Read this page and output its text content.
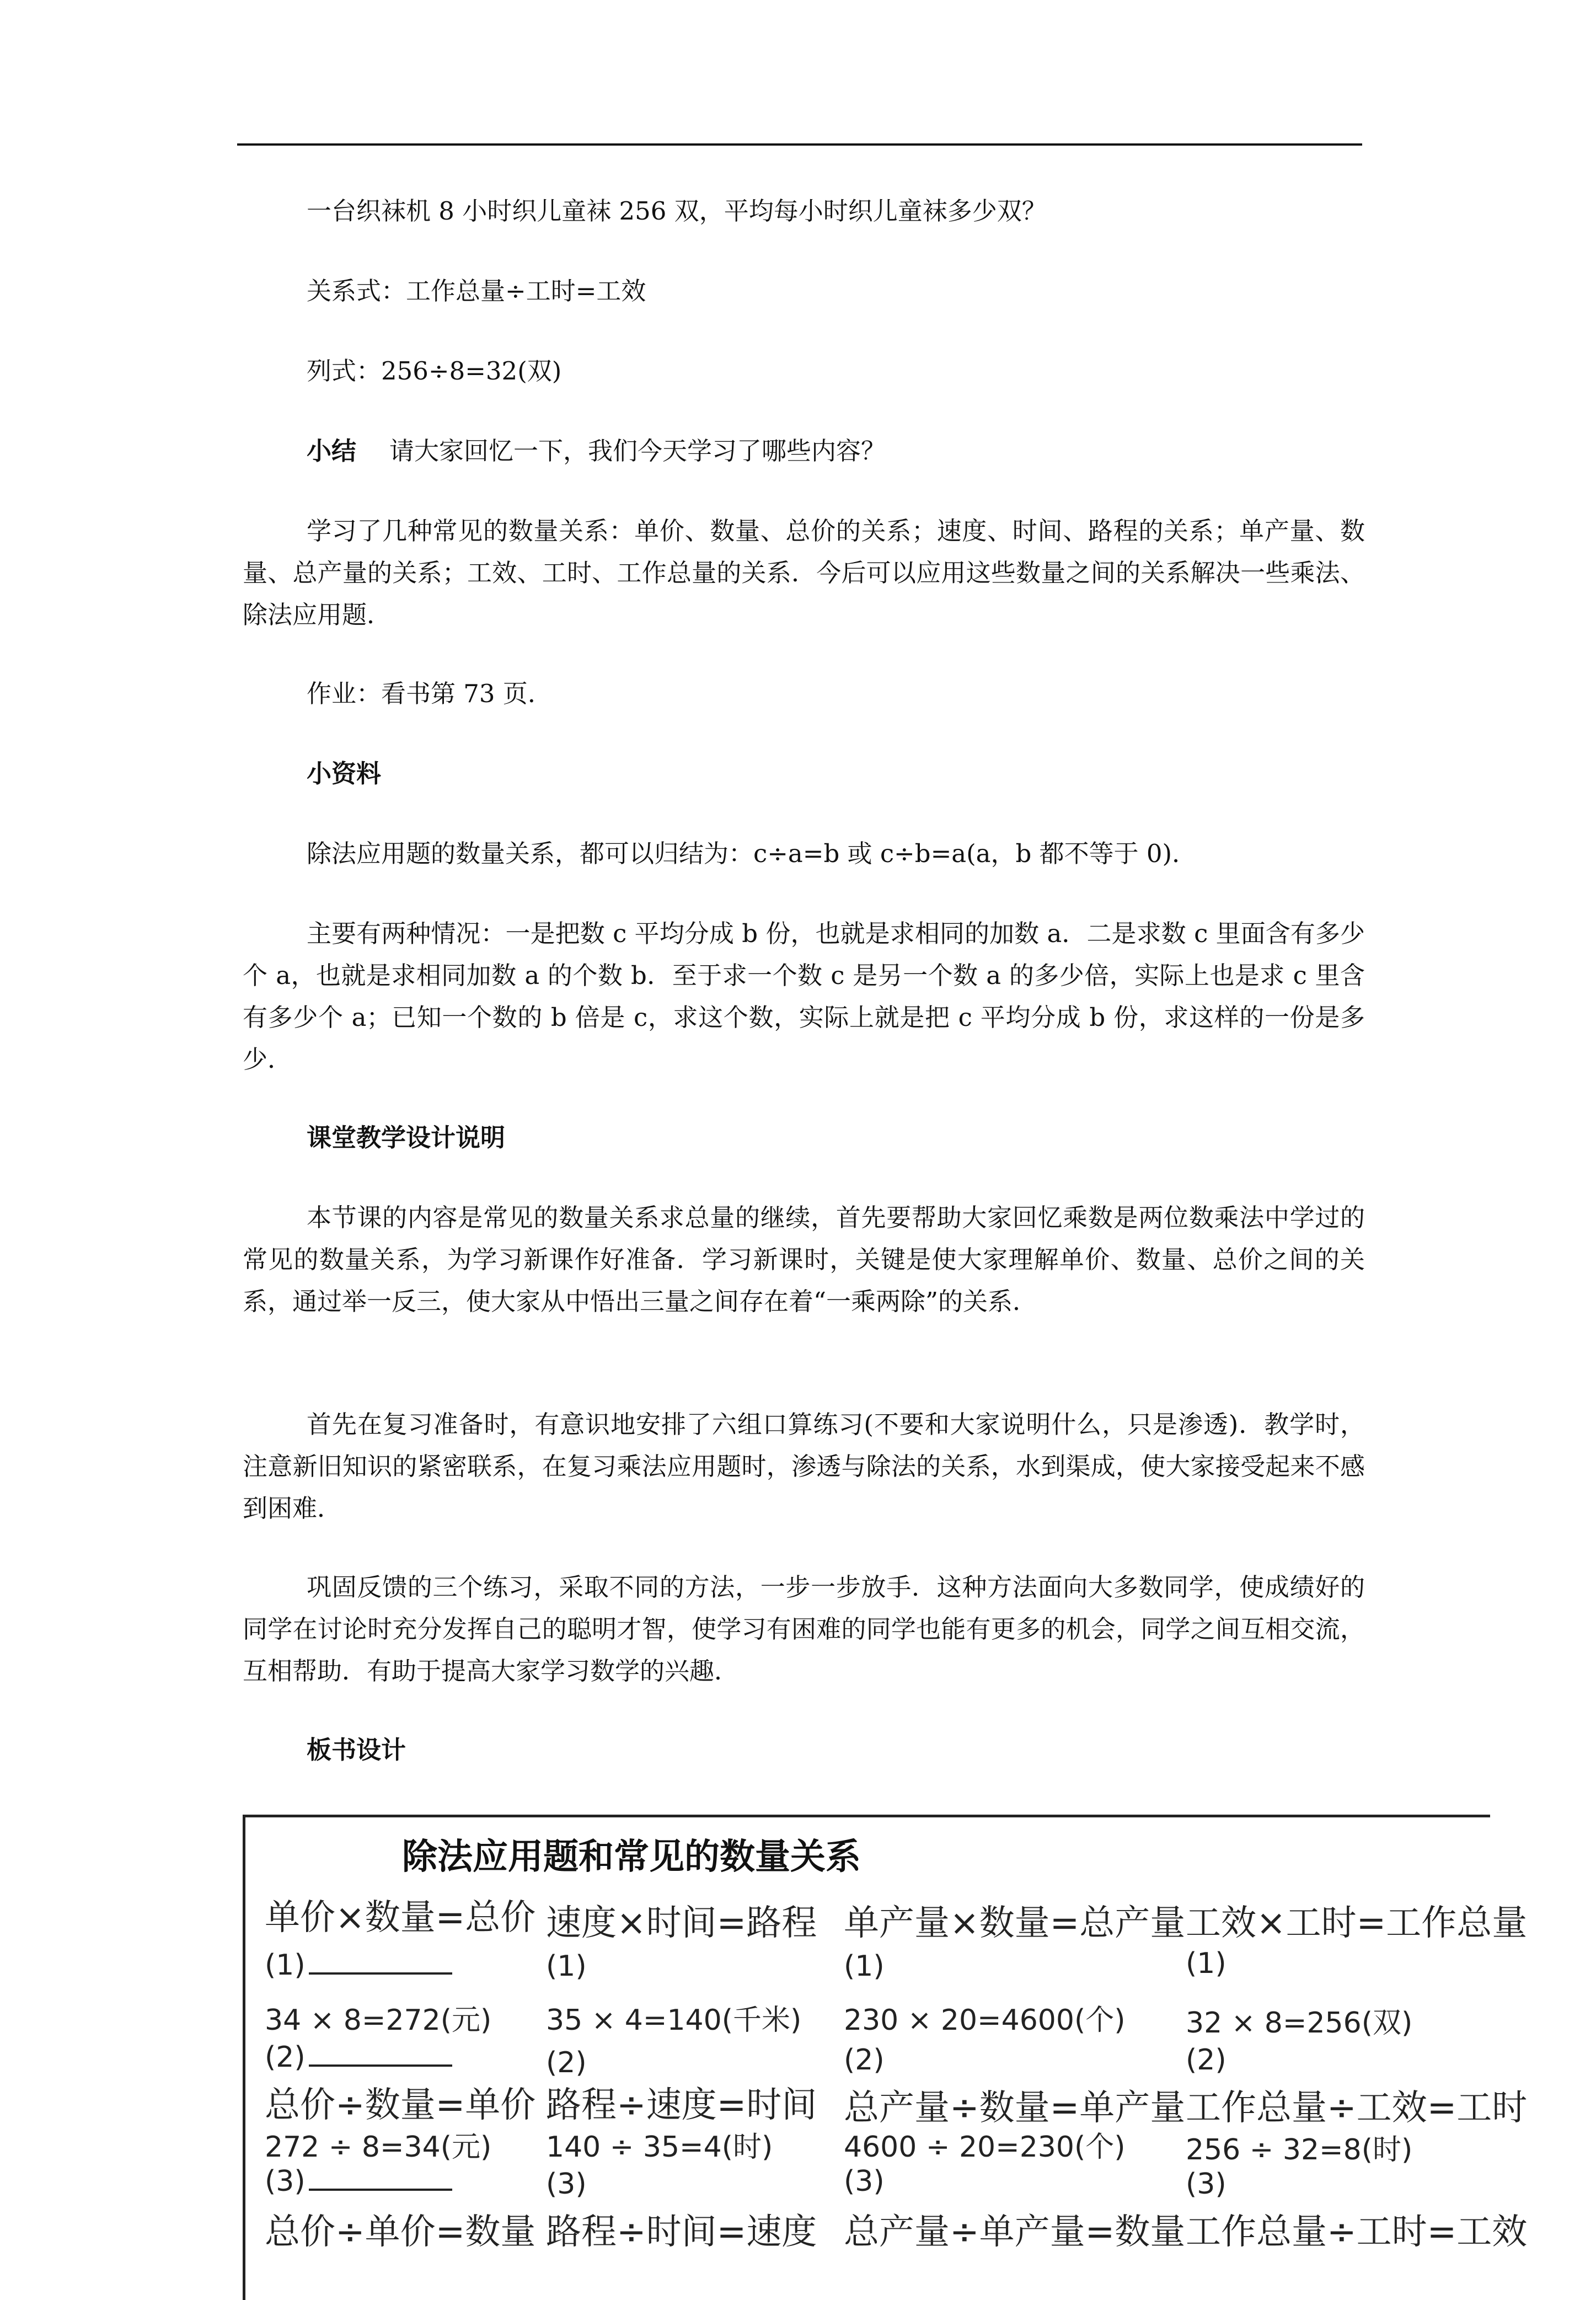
一台织袜机 8 小时织儿童袜 256 双，平均每小时织儿童袜多少双？

关系式：工作总量÷工时=工效

列式：256÷8=32(双)

小结 请大家回忆一下，我们今天学习了哪些内容？

学习了几种常见的数量关系：单价、数量、总价的关系；速度、时间、路程的关系；单产量、数量、总产量的关系；工效、工时、工作总量的关系．今后可以应用这些数量之间的关系解决一些乘法、除法应用题．

作业：看书第 73 页．

小资料

除法应用题的数量关系，都可以归结为：c÷a=b 或 c÷b=a(a，b 都不等于 0)．

主要有两种情况：一是把数 c 平均分成 b 份，也就是求相同的加数 a．二是求数 c 里面含有多少个 a，也就是求相同加数 a 的个数 b．至于求一个数 c 是另一个数 a 的多少倍，实际上也是求 c 里含有多少个 a；已知一个数的 b 倍是 c，求这个数，实际上就是把 c 平均分成 b 份，求这样的一份是多少．

课堂教学设计说明

本节课的内容是常见的数量关系求总量的继续，首先要帮助大家回忆乘数是两位数乘法中学过的常见的数量关系，为学习新课作好准备．学习新课时，关键是使大家理解单价、数量、总价之间的关系，通过举一反三，使大家从中悟出三量之间存在着“一乘两除”的关系．

首先在复习准备时，有意识地安排了六组口算练习(不要和大家说明什么，只是渗透)．教学时，注意新旧知识的紧密联系，在复习乘法应用题时，渗透与除法的关系，水到渠成，使大家接受起来不感到困难．

巩固反馈的三个练习，采取不同的方法，一步一步放手．这种方法面向大多数同学，使成绩好的同学在讨论时充分发挥自己的聪明才智，使学习有困难的同学也能有更多的机会，同学之间互相交流，互相帮助．有助于提高大家学习数学的兴趣．

板书设计

除法应用题和常见的数量关系
单价×数量=总价
(1)
34 × 8=272(元)
(2)
总价÷数量=单价
272 ÷ 8=34(元)
(3)
总价÷单价=数量
速度×时间=路程
(1)
35 × 4=140(千米)
(2)
路程÷速度=时间
140 ÷ 35=4(时)
(3)
路程÷时间=速度
单产量×数量=总产量
(1)
230 × 20=4600(个)
(2)
总产量÷数量=单产量
4600 ÷ 20=230(个)
(3)
总产量÷单产量=数量
工效×工时=工作总量
(1)
32 × 8=256(双)
(2)
工作总量÷工效=工时
256 ÷ 32=8(时)
(3)
工作总量÷工时=工效
